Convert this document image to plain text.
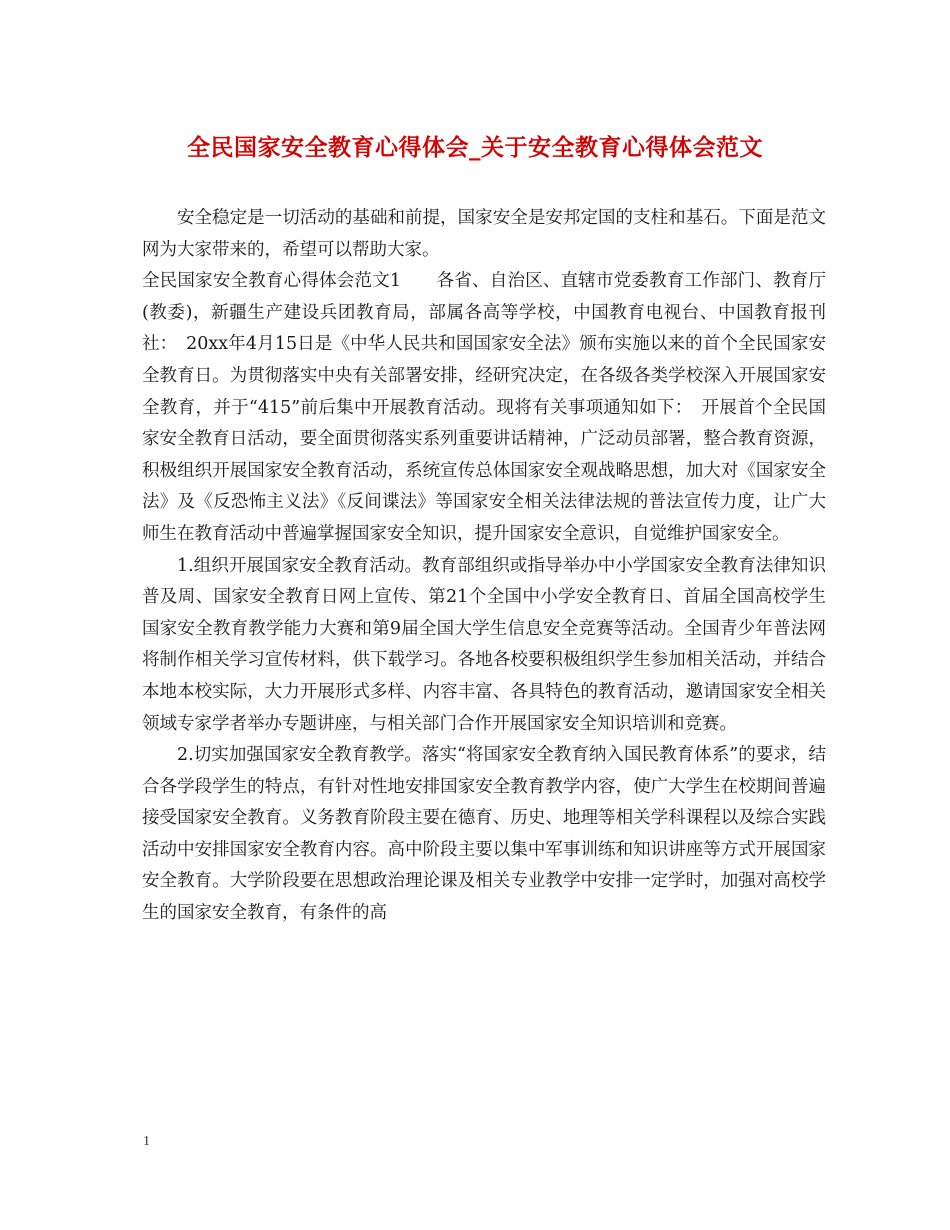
全民国家安全教育心得体会_关于安全教育心得体会范文

安全稳定是一切活动的基础和前提，国家安全是安邦定国的支柱和基石。下面是范文网为大家带来的，希望可以帮助大家。

全民国家安全教育心得体会范文1　　各省、自治区、直辖市党委教育工作部门、教育厅(教委)，新疆生产建设兵团教育局，部属各高等学校，中国教育电视台、中国教育报刊社：　20xx年4月15日是《中华人民共和国国家安全法》颁布实施以来的首个全民国家安全教育日。为贯彻落实中央有关部署安排，经研究决定，在各级各类学校深入开展国家安全教育，并于“415”前后集中开展教育活动。现将有关事项通知如下：　开展首个全民国家安全教育日活动，要全面贯彻落实系列重要讲话精神，广泛动员部署，整合教育资源，积极组织开展国家安全教育活动，系统宣传总体国家安全观战略思想，加大对《国家安全法》及《反恐怖主义法》《反间谍法》等国家安全相关法律法规的普法宣传力度，让广大师生在教育活动中普遍掌握国家安全知识，提升国家安全意识，自觉维护国家安全。

1.组织开展国家安全教育活动。教育部组织或指导举办中小学国家安全教育法律知识普及周、国家安全教育日网上宣传、第21个全国中小学安全教育日、首届全国高校学生国家安全教育教学能力大赛和第9届全国大学生信息安全竞赛等活动。全国青少年普法网将制作相关学习宣传材料，供下载学习。各地各校要积极组织学生参加相关活动，并结合本地本校实际，大力开展形式多样、内容丰富、各具特色的教育活动，邀请国家安全相关领域专家学者举办专题讲座，与相关部门合作开展国家安全知识培训和竞赛。

2.切实加强国家安全教育教学。落实“将国家安全教育纳入国民教育体系”的要求，结合各学段学生的特点，有针对性地安排国家安全教育教学内容，使广大学生在校期间普遍接受国家安全教育。义务教育阶段主要在德育、历史、地理等相关学科课程以及综合实践活动中安排国家安全教育内容。高中阶段主要以集中军事训练和知识讲座等方式开展国家安全教育。大学阶段要在思想政治理论课及相关专业教学中安排一定学时，加强对高校学生的国家安全教育，有条件的高

1
